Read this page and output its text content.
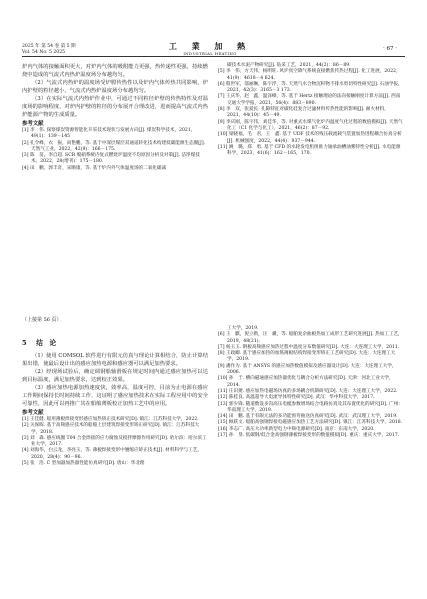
2025 年 第 54 卷 第 5 期
Vol. 54 No. 5 2025
工 業 加 熱
INDUSTRIAL HEATING
· 67 ·

炉内气体的接触面积更大，对炉内气体的吸附能力更强，热传递性更强，持续燃烧中造成的气流式内热炉温度场分布越均匀。

（2）气流式内热炉的温度场受炉膛传热性以及炉内气体传热共同影响，炉内护壁的粒径越小，气流式内热炉温度场分布越均匀。

（3）在实际气流式内热炉作业中，可通过不同粒径炉壁的传热特性及对温度场的影响程度，对炉内护壁的粒径的分布展开合理改进，进而提高气流式内热炉能源产物的生成质量。

参考文献
[1] 李　伟. 探察煤炭资源智能化开采技术现状与发展方向[J]. 煤炭科学技术，2021，49(1)：139－145
[2] 孔令峰，衣　振，尚艳鹏，等. 基于中深层煤层双通道转化技术构建低碳能源生态圈[J]. 天然气工业，2022，42(9)：166－175.
[3] 陈　苗，李自超. SCR 脱硝系统内复式燃烧炉温度不均原因分析及对策[J]. 洁净煤技术，2022，28(增刊)：175－180.
[4] 田　鹏，郭丰奇，宋顺康，等. 基于炉内外气体温度场的二氧化碳减
碳技术水泥产物研究[J]. 钻采工艺，2021，44(2)：86－89.
[5] 李　伟，方天伟，杨明旺. 风炉真空降气系统直接燃焦传热过程[J]. 化工进展，2022，41(9)：4618－4 624.
[6] 殷世军，邬丽琳，陈宇浮，等. 天然气水合物沉积物不排水剪切特性研究[J]. 石油学报，2021，42(3)：3165－3 173.
[7] 王庆华，赵　鑫，温泽峰，等. 基于 Hertz 接触理论的法向接触刚度计算方法[J]. 西南交通大学学报，2021，56(4)：883－890.
[8] 李　双，张爱民. 孔隙特征对碳化硅复合过滤材料传热性能的影响[J]. 耐火材料，2021，44(10)：45－49.
[9] 李庆刚，陈宇伟，刘佳华，等. 对重式水煤气化炉内温度气化过程的数值模拟[J]. 天然气化工（C1 化学与化工），2021，46(2)：87－92.
[10] 梁晓福，毛　君，王　鑫. 基于 UDF 技术的残压载流载气装置加热进程耦合仿真分析[J]. 机械强度，2022，44(4)：937－944.
[11] 姚　璐，郑　勇. 基于 CFD 的水轮发电机组推力轴承油槽油雾特性分析[J]. 水电能源科学，2023，41(6)：162－165，170.
（上接第 56 页）
5 结　论

（1）使用 COMSOL 软件进行有限元仿真与理论计算相结合，防止计算结果出错，使最后设计出的感应加热电源和感应器可以满足加热要求。

（2）经现场试验后，确定调钢船轴滑板在规定时间内通过感应加热可以达到目标温度，满足加热要求，达到校正效果。

（3）感应加热电源加热速度快，效率高，温度可控，目前为止电源在感应工作期间保持长时间持续工作，这证明了感应加热技术在实际工程应用中的安全可靠性，因此可以再推广其在船舶薄板校正加热工艺中的应用。

参考文献
[1] 王佳健. 船用薄板焊接变形感应加热矫正技术研究[D]. 镇江：江苏科技大学，2022.
[2] 关保晖. 基于高频感应技术的船舶上层建筑焊接变形矫正研究[D]. 镇江：江苏科技大学，2018.
[3] 刘　森. 感应线圈 T04 合金焊接的应力腐蚀及搅拌摩擦作用研究[D]. 哈尔滨：哈尔滨工业大学，2017.
[4] 刘海华，白云龙，李亮玉，等. 薄板焊接变形中翘缩应矫正技术[J]. 材料科学与工艺，2020，28(4)：90－96.
[5] 张　浩. C 型加器加热器性能仿真研究[D]. 唐山：华北理
工大学，2019.
[6] 王　麒，倪立勋，汪　骥，等. 船舶复杂曲板热加工成形工艺研究进展[J]. 热加工工艺，2019，48(21).
[7] 杨玉玉. 钢板高频感应加热过程中温度分布数值研究[D]. 大连：大连理工大学，2011.
[8] 王政卿. 基于感应加热的加筋薄板结构焊接变形矫正工艺研究[D]. 大连：大连理工大学，2019.
[9] 潘作为. 基于 ANSYS 的感应加热数值模拟及感应器设计[D]. 大连：大连理工大学，2006.
[10] 孙　于. 横向磁通感应加热器优化与耦合分析方法研究[D]. 天津：河北工业大学，2014.
[11] 庄识捷. 感应加热电磁场仿真的多场耦合机制研究[D]. 大连：大连理工大学，2022.
[12] 陈桂良. 高温超导大电流导体特性研究[D]. 武汉：华中科技大学，2017.
[13] 郭少锋. 随道数设多沟高压电缆参数增场结合电路仿真及其布置优化的研究[D]. 广州：华南理工大学，2019.
[14] 田　鹏. 基于有限元法的多功能预弯抽送仿真研究[D]. 武汉：武汉理工大学，2019.
[15] 顾跃文. 船舶高强钢焊接电磁感应加热工艺方法研究[D]. 镇江：江苏科技大学，2018.
[16] 李志广. 高压大功率新型电力中频电源研究[D]. 南京：东南大学，2020.
[17] 孙　垦. 低碳钢/低合金高强钢薄板焊接变形的数值模拟[D]. 重庆：重庆大学，2017.
